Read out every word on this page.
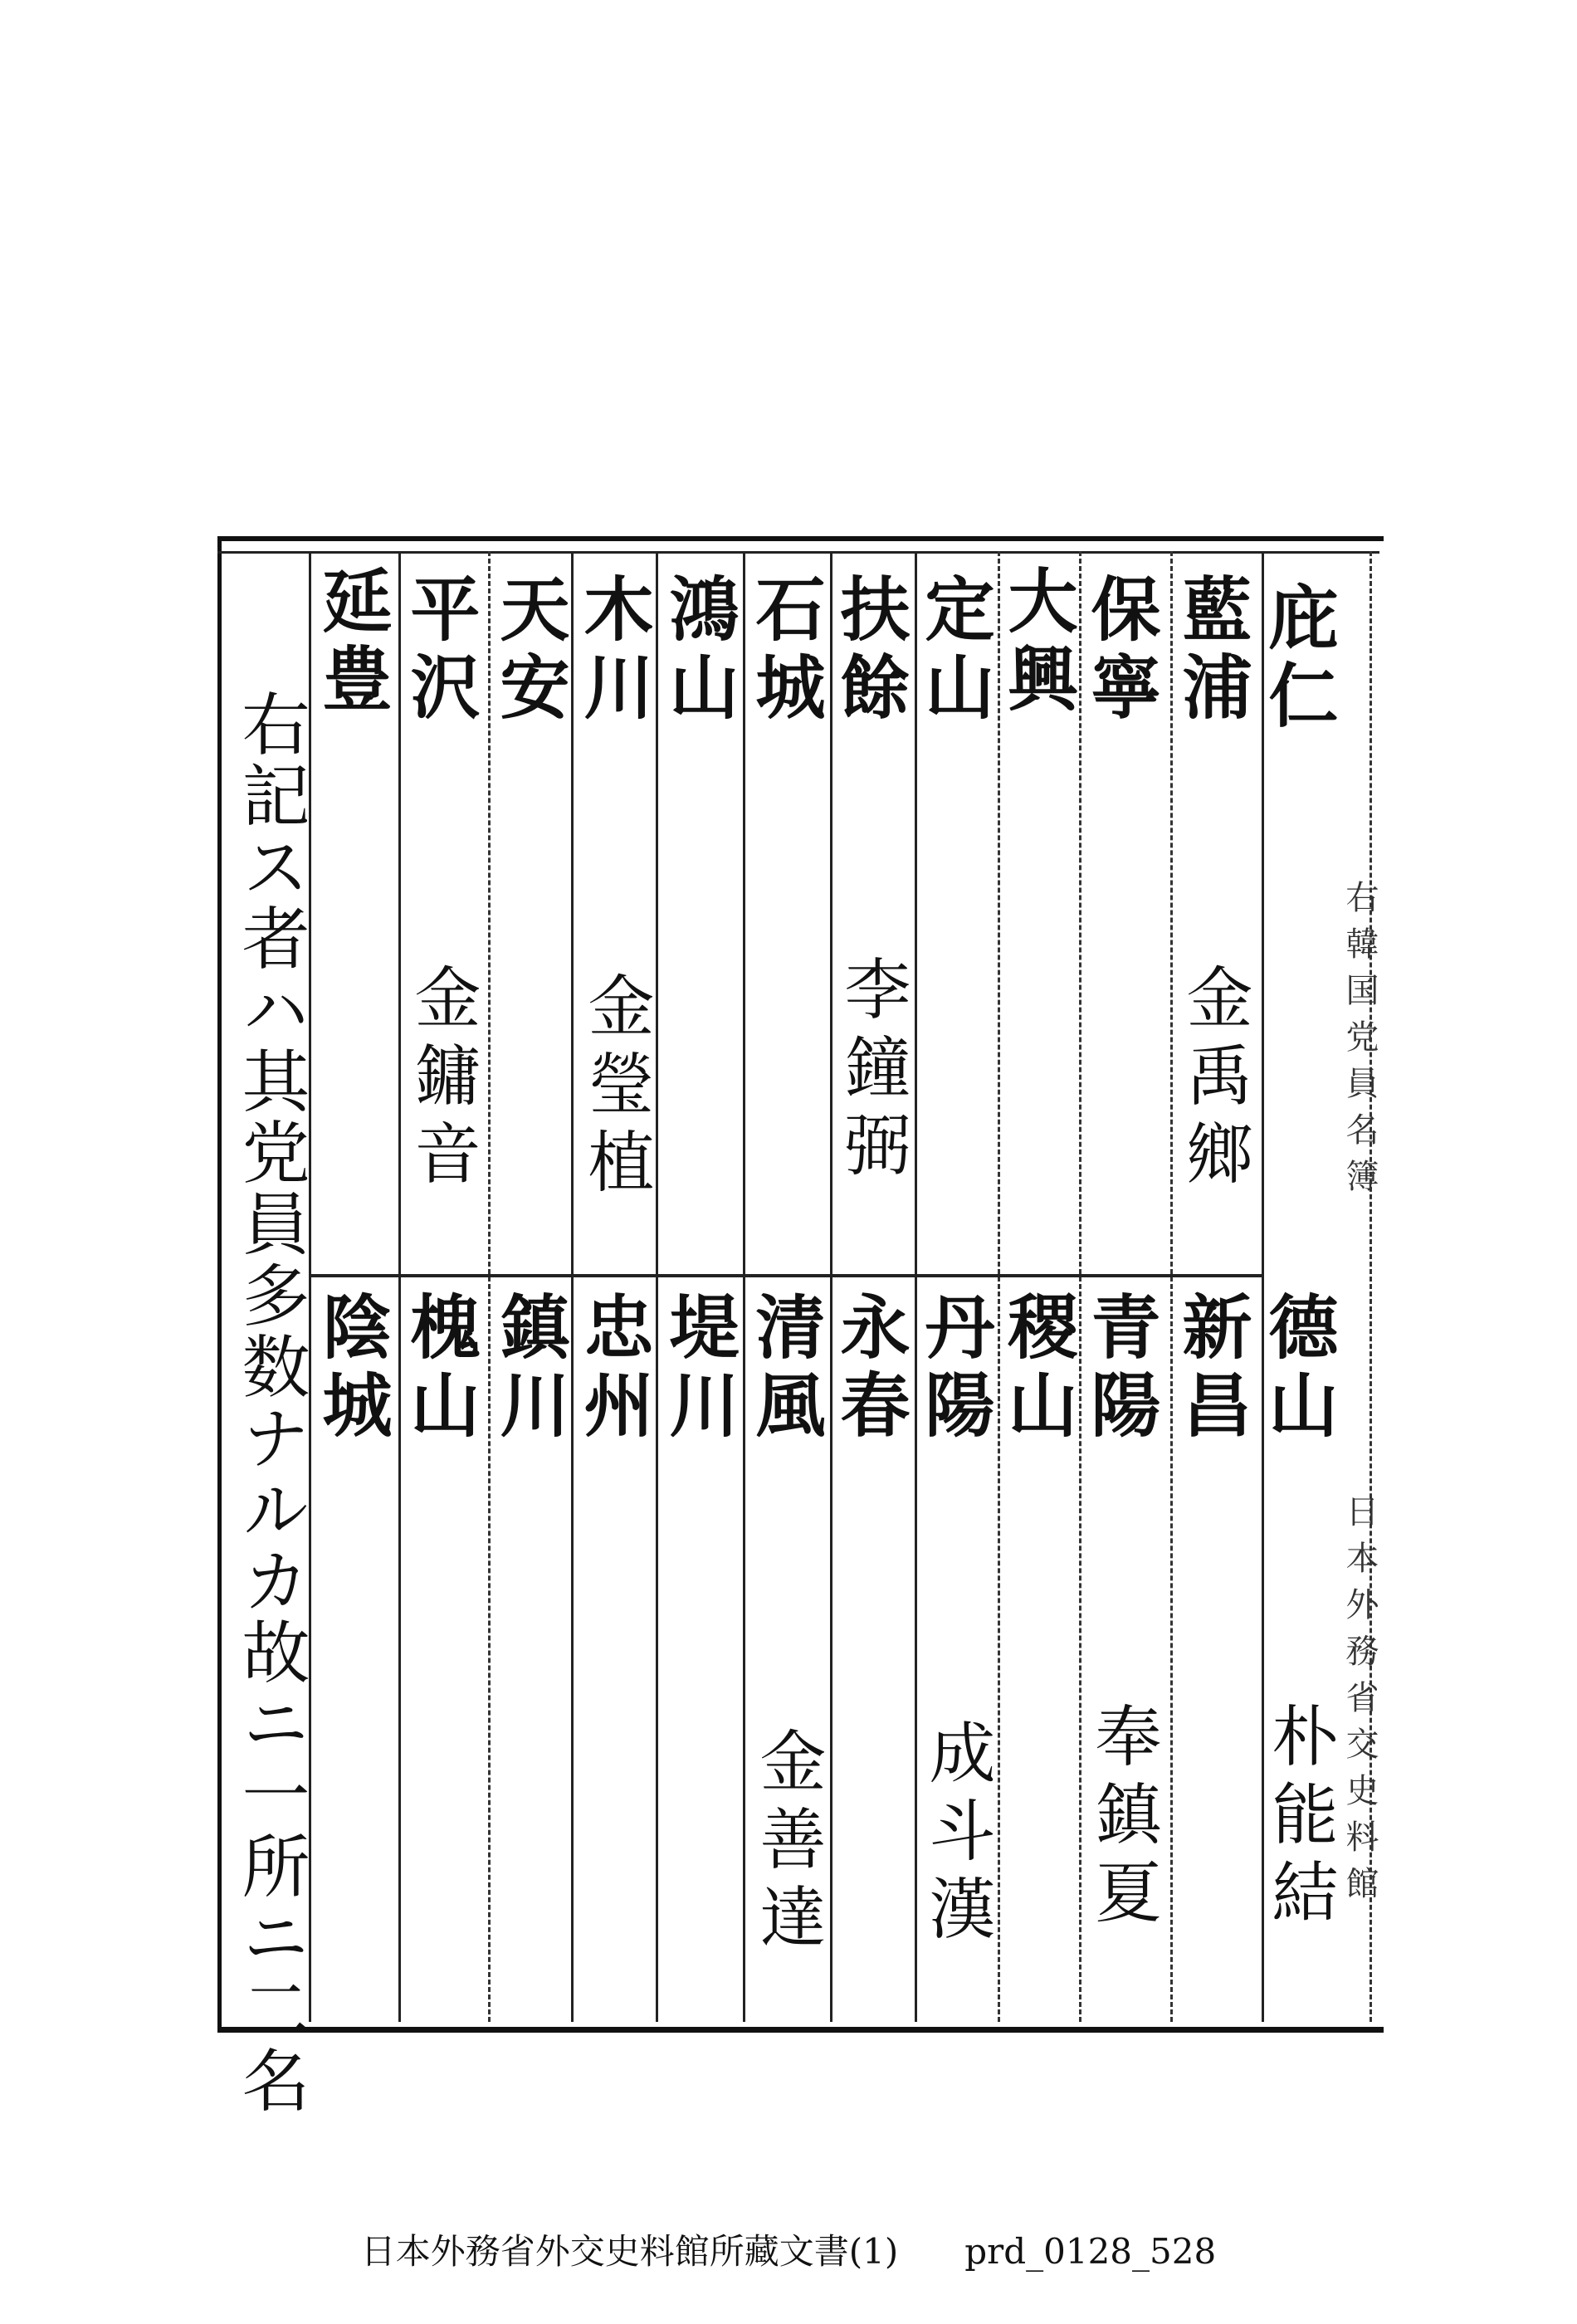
右記ス者ハ其党員多数ナルカ故ニ一所ニ二名	右韓国党員名簿
日本外務省交史料館
庇仁
德山
朴能結
藍浦
金禹鄉
新昌
保寧
青陽
奉鎮夏
大興
稷山
定山
丹陽
成斗漢
扶餘
李鐘弼
永春
石城
清風
金善達
鴻山
堤川
木川
金瑩植
忠州
天安
鎮川
平沢
金鏞音
槐山
延豊
陰城
日本外務省外交史料館所藏文書(1) prd_0128_528
